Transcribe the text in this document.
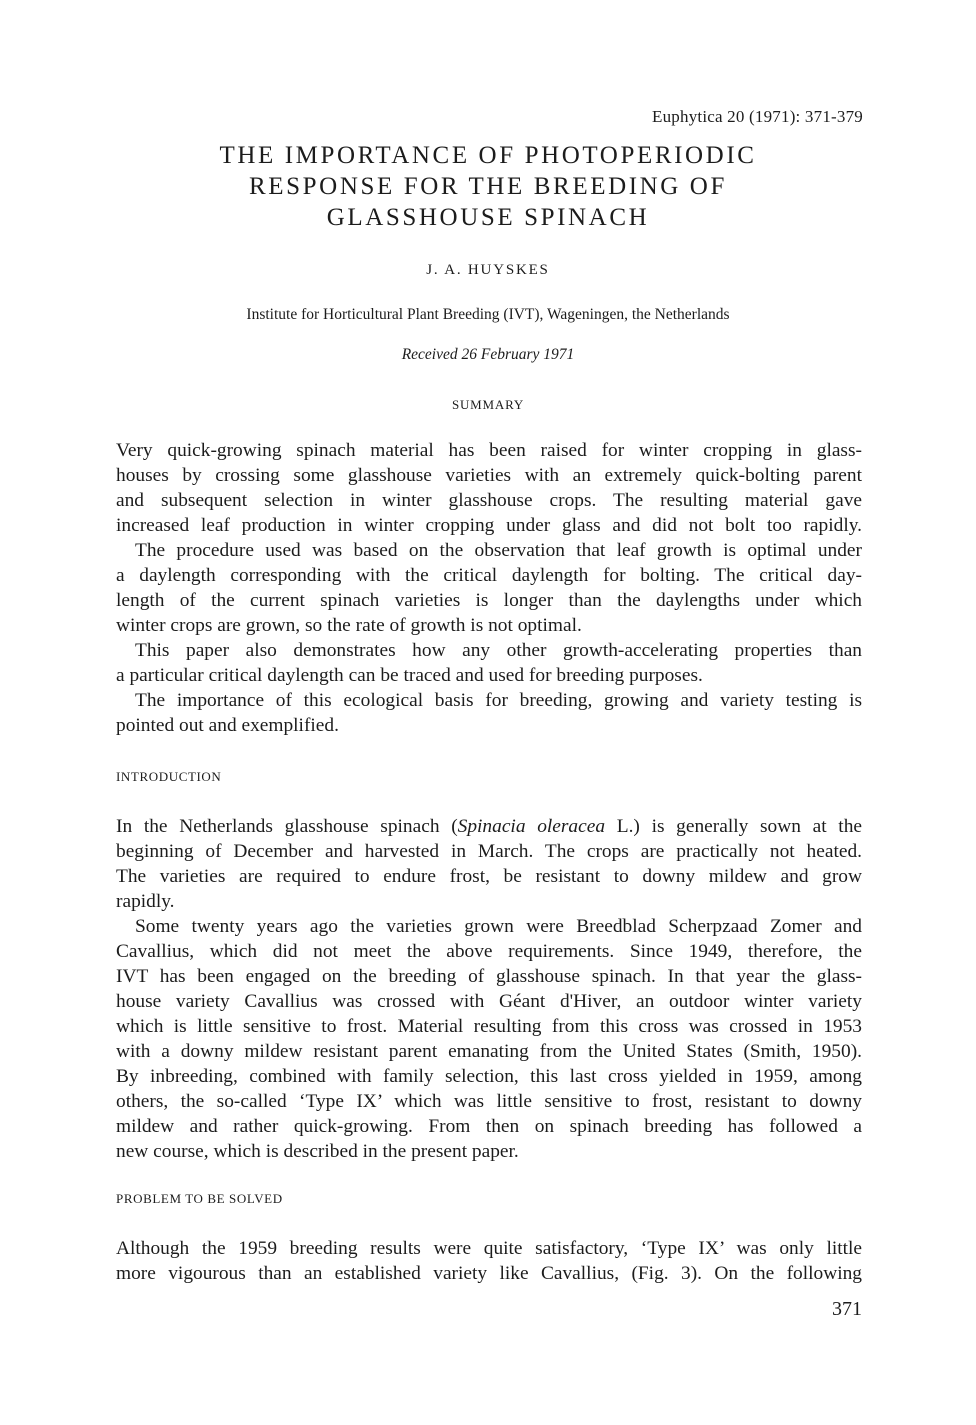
Euphytica 20 (1971): 371-379
THE IMPORTANCE OF PHOTOPERIODIC
RESPONSE FOR THE BREEDING OF
GLASSHOUSE SPINACH
J. A. HUYSKES
Institute for Horticultural Plant Breeding (IVT), Wageningen, the Netherlands
Received 26 February 1971
SUMMARY
Very quick-growing spinach material has been raised for winter cropping in glass-
houses by crossing some glasshouse varieties with an extremely quick-bolting parent
and subsequent selection in winter glasshouse crops. The resulting material gave
increased leaf production in winter cropping under glass and did not bolt too rapidly.
The procedure used was based on the observation that leaf growth is optimal under
a daylength corresponding with the critical daylength for bolting. The critical day-
length of the current spinach varieties is longer than the daylengths under which
winter crops are grown, so the rate of growth is not optimal.
This paper also demonstrates how any other growth-accelerating properties than
a particular critical daylength can be traced and used for breeding purposes.
The importance of this ecological basis for breeding, growing and variety testing is
pointed out and exemplified.
INTRODUCTION
In the Netherlands glasshouse spinach (Spinacia oleracea L.) is generally sown at the
beginning of December and harvested in March. The crops are practically not heated.
The varieties are required to endure frost, be resistant to downy mildew and grow
rapidly.
Some twenty years ago the varieties grown were Breedblad Scherpzaad Zomer and
Cavallius, which did not meet the above requirements. Since 1949, therefore, the
IVT has been engaged on the breeding of glasshouse spinach. In that year the glass-
house variety Cavallius was crossed with Géant d'Hiver, an outdoor winter variety
which is little sensitive to frost. Material resulting from this cross was crossed in 1953
with a downy mildew resistant parent emanating from the United States (Smith, 1950).
By inbreeding, combined with family selection, this last cross yielded in 1959, among
others, the so-called ‘Type IX’ which was little sensitive to frost, resistant to downy
mildew and rather quick-growing. From then on spinach breeding has followed a
new course, which is described in the present paper.
PROBLEM TO BE SOLVED
Although the 1959 breeding results were quite satisfactory, ‘Type IX’ was only little
more vigourous than an established variety like Cavallius, (Fig. 3). On the following
371
